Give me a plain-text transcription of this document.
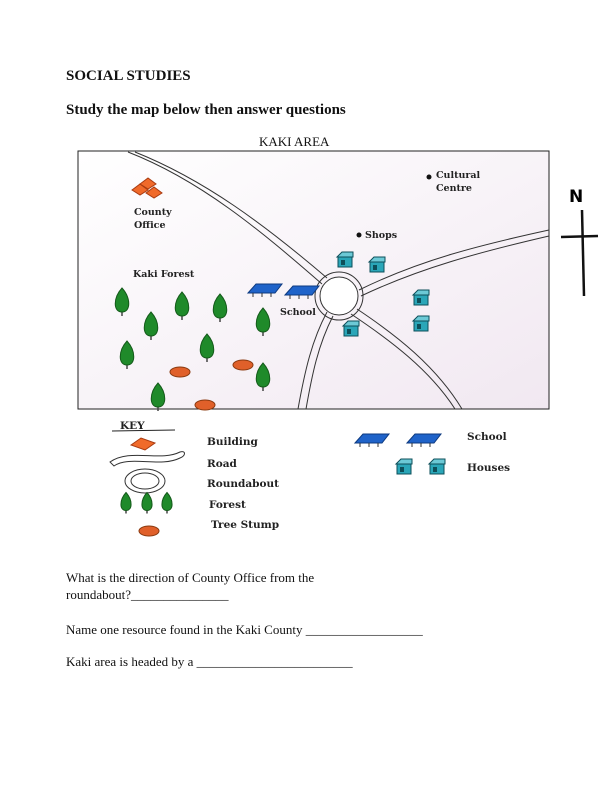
SOCIAL STUDIES
Study the map below then answer questions
KAKI AREA
Cultural
Centre
Shops
County
Office
Kaki Forest
School
N
KEY
Building
Road
Roundabout
Forest
Tree Stump
School
Houses
What is the direction of County Office from the
roundabout?_______________
Name one resource found in the Kaki County __________________
Kaki area is headed by a ________________________
